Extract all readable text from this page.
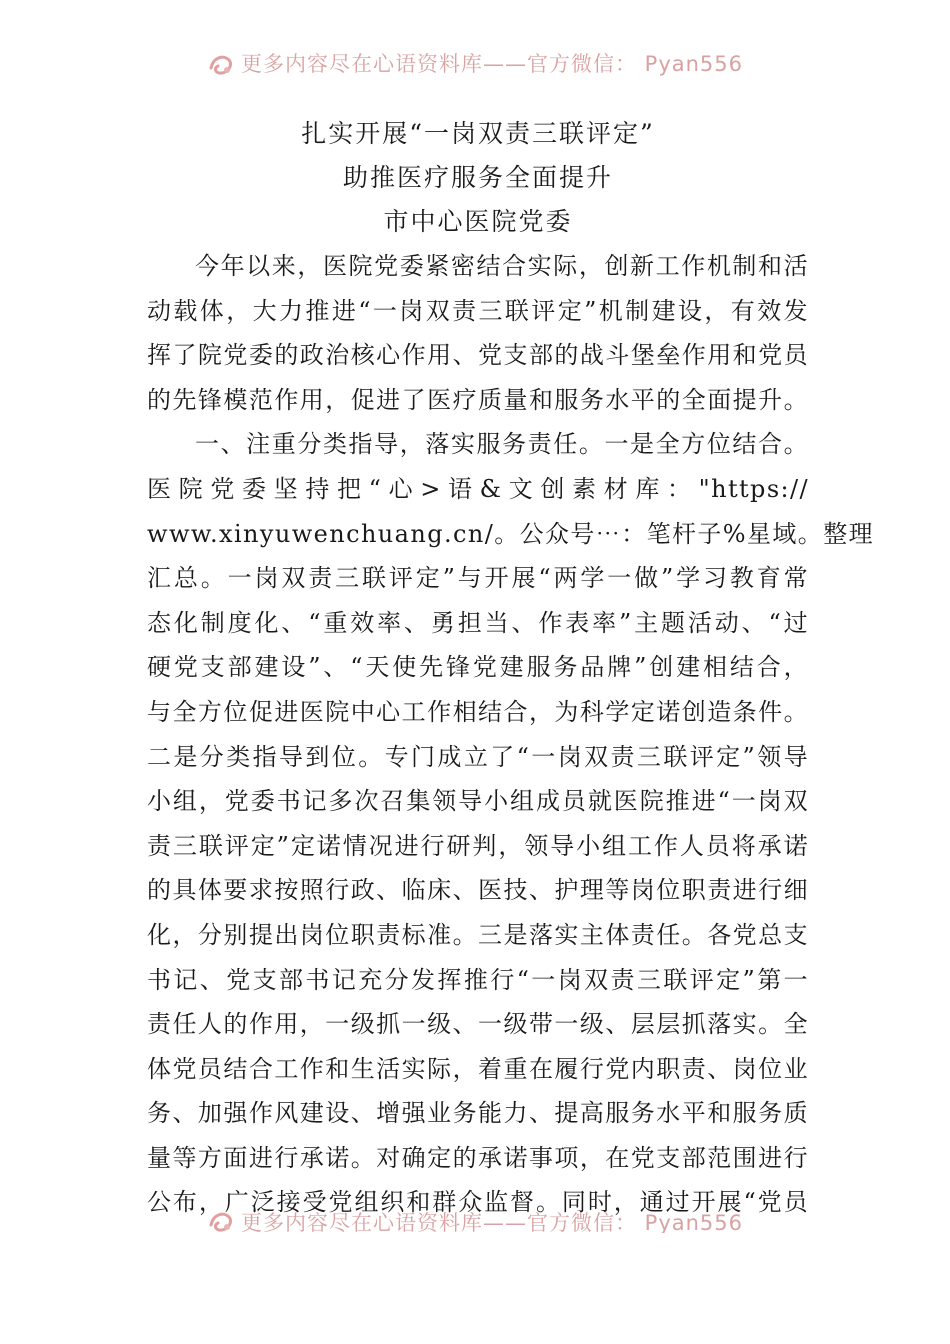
更多内容尽在心语资料库——官方微信： Pyan556
扎实开展“一岗双责三联评定”
助推医疗服务全面提升
市中心医院党委

今年以来，医院党委紧密结合实际，创新工作机制和活
动载体，大力推进“一岗双责三联评定”机制建设，有效发
挥了院党委的政治核心作用、党支部的战斗堡垒作用和党员
的先锋模范作用，促进了医疗质量和服务水平的全面提升。

一、注重分类指导，落实服务责任。一是全方位结合。
医院党委坚持把“心>语&文创素材库："https://
www.xinyuwenchuang.cn/。公众号⋯：笔杆子%星域。整理
汇总。一岗双责三联评定”与开展“两学一做”学习教育常
态化制度化、“重效率、勇担当、作表率”主题活动、“过
硬党支部建设”、“天使先锋党建服务品牌”创建相结合，
与全方位促进医院中心工作相结合，为科学定诺创造条件。
二是分类指导到位。专门成立了“一岗双责三联评定”领导
小组，党委书记多次召集领导小组成员就医院推进“一岗双
责三联评定”定诺情况进行研判，领导小组工作人员将承诺
的具体要求按照行政、临床、医技、护理等岗位职责进行细
化，分别提出岗位职责标准。三是落实主体责任。各党总支
书记、党支部书记充分发挥推行“一岗双责三联评定”第一
责任人的作用，一级抓一级、一级带一级、层层抓落实。全
体党员结合工作和生活实际，着重在履行党内职责、岗位业
务、加强作风建设、增强业务能力、提高服务水平和服务质
量等方面进行承诺。对确定的承诺事项，在党支部范围进行
公布，广泛接受党组织和群众监督。同时，通过开展“党员

更多内容尽在心语资料库——官方微信： Pyan556
